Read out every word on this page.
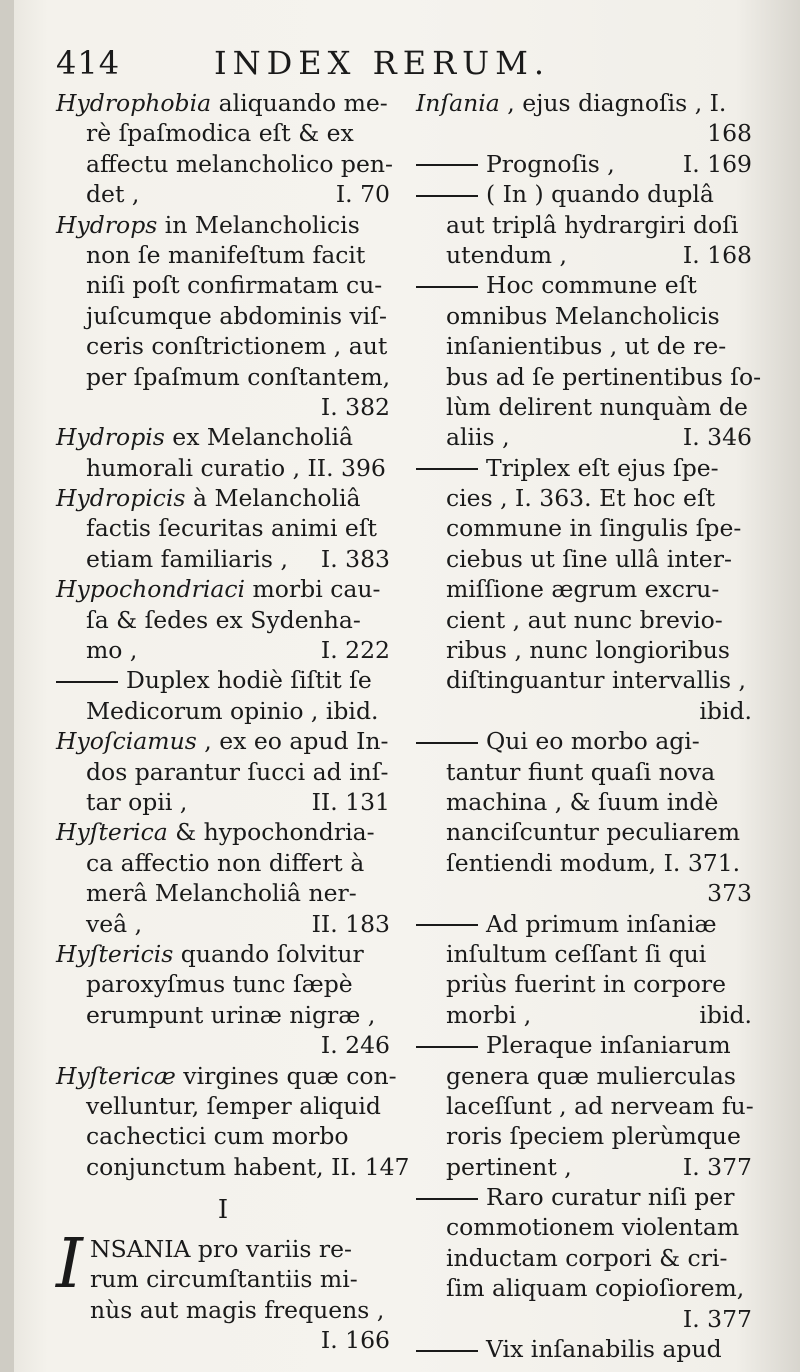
414	INDEX RERUM.
Hydrophobia aliquando me-
rè ſpaſmodica eſt & ex
affectu melancholico pen-
det ,	I. 70
Hydrops in Melancholicis
non ſe manifeſtum facit
niſi poſt confirmatam cu-
juſcumque abdominis viſ-
ceris conſtrictionem , aut
per ſpaſmum conſtantem,
I. 382
Hydropis ex Melancholiâ
humorali curatio , II. 396
Hydropicis à Melancholiâ
factis ſecuritas animi eſt
etiam familiaris , I. 383
Hypochondriaci morbi cau-
ſa & ſedes ex Sydenha-
mo ,	I. 222
Duplex hodiè ſiſtit ſe
Medicorum opinio , ibid.
Hyoſciamus , ex eo apud In-
dos parantur ſucci ad inſ-
tar opii ,	II. 131
Hyſterica & hypochondria-
ca affectio non differt à
merâ Melancholiâ ner-
veâ ,	II. 183
Hyſtericis quando ſolvitur
paroxyſmus tunc ſæpè
erumpunt urinæ nigræ ,
I. 246
Hyſtericæ virgines quæ con-
velluntur, ſemper aliquid
cachectici cum morbo
conjunctum habent, II. 147
I
I NSANIA pro variis re-
rum circumſtantiis mi-
nùs aut magis frequens ,
I. 166
Inſania , ejus diagnoſis , I.
168
Prognoſis ,	I. 169
( In ) quando duplâ
aut triplâ hydrargiri doſi
utendum ,	I. 168
Hoc commune eſt
omnibus Melancholicis
inſanientibus , ut de re-
bus ad ſe pertinentibus ſo-
lùm delirent nunquàm de
aliis ,	I. 346
Triplex eſt ejus ſpe-
cies , I. 363. Et hoc eſt
commune in ſingulis ſpe-
ciebus ut ſine ullâ inter-
miſſione ægrum excru-
cient , aut nunc brevio-
ribus , nunc longioribus
diſtinguantur intervallis ,
ibid.
Qui eo morbo agi-
tantur fiunt quaſi nova
machina , & ſuum indè
nanciſcuntur peculiarem
ſentiendi modum, I. 371.
373
Ad primum inſaniæ
inſultum ceſſant ſi qui
priùs fuerint in corpore
morbi ,	ibid.
Pleraque inſaniarum
genera quæ mulierculas
laceſſunt , ad nerveam fu-
roris ſpeciem plerùmque
pertinent ,	I. 377
Raro curatur niſi per
commotionem violentam
inductam corpori & cri-
ſim aliquam copioſiorem,
I. 377
Vix inſanabilis apud
